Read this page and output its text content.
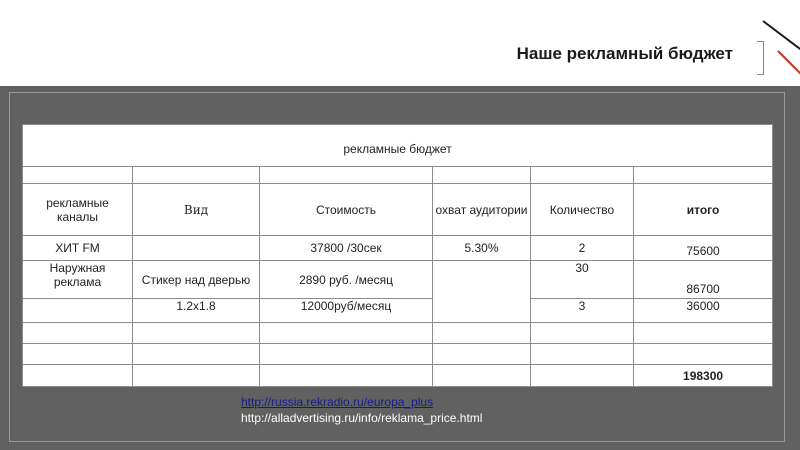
Наше рекламный бюджет
рекламные бюджет					

рекламные каналы	Вид	Стоимость	охват аудитории	Количество	итого
ХИТ FM		37800 /30сек	5.30%	2	75600
Наружная реклама	Стикер над дверью	2890 руб. /месяц		30	86700
	1.2x1.8	12000руб/месяц		3	36000

					198300
http://russia.rekradio.ru/europa_plus
http://alladvertising.ru/info/reklama_price.html
